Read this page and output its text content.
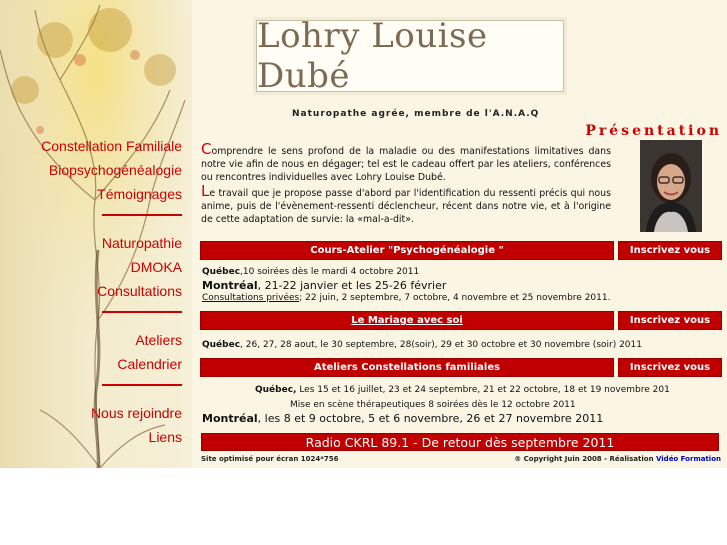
Constellation Familiale
Biopsychogénéalogie
Témoignages
Naturopathie
DMOKA
Consultations
Ateliers
Calendrier
Nous rejoindre
Liens
Lohry Louise Dubé
Naturopathe agrée, membre de l'A.N.A.Q
Présentation

Comprendre le sens profond de la maladie ou des manifestations limitatives dans notre vie afin de nous en dégager; tel est le cadeau offert par les ateliers, conférences ou rencontres individuelles avec Lohry Louise Dubé.

Le travail que je propose passe d'abord par l'identification du ressenti précis qui nous anime, puis de l'évènement-ressenti déclencheur, récent dans notre vie, et à l'origine de cette adaptation de survie: la «mal-a-dit».

Cours-Atelier "Psychogénéalogie "	Inscrivez vous
Québec,10 soirées dès le mardi 4 octobre 2011
Montréal, 21-22 janvier et les 25-26 février
Consultations privées; 22 juin, 2 septembre, 7 octobre, 4 novembre et 25 novembre 2011.
Le Mariage avec soi	Inscrivez vous
Québec, 26, 27, 28 aout, le 30 septembre, 28(soir), 29 et 30 octobre et 30 novembre (soir) 2011
Ateliers Constellations familiales	Inscrivez vous
Québec, Les 15 et 16 juillet, 23 et 24 septembre, 21 et 22 octobre, 18 et 19 novembre 201
Mise en scène thérapeutiques 8 soirées dès le 12 octobre 2011
Montréal, les 8 et 9 octobre, 5 et 6 novembre, 26 et 27 novembre 2011
Radio CKRL 89.1 - De retour dès septembre 2011
Site optimisé pour écran 1024*756	® Copyright Juin 2008 - Réalisation Vidéo Formation
